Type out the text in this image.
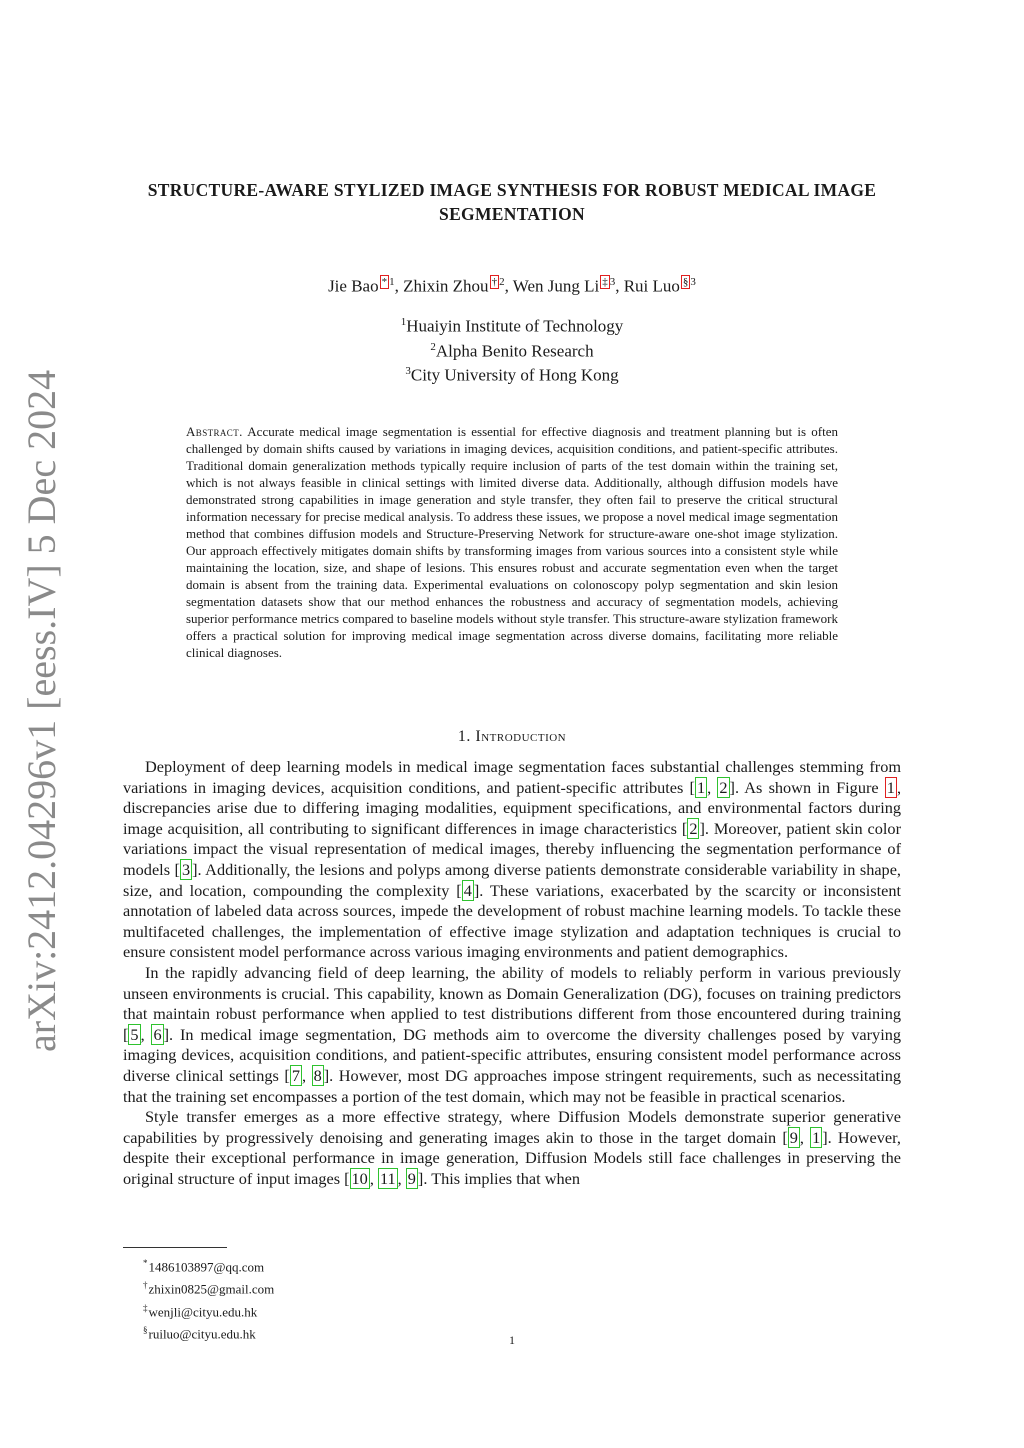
arXiv:2412.04296v1 [eess.IV] 5 Dec 2024
STRUCTURE-AWARE STYLIZED IMAGE SYNTHESIS FOR ROBUST MEDICAL IMAGE SEGMENTATION
Jie Bao * $^1$, Zhixin Zhou † $^2$, Wen Jung Li ‡ $^3$, Rui Luo § $^3$
$^1$Huaiyin Institute of Technology
$^2$Alpha Benito Research
$^3$City University of Hong Kong
Abstract. Accurate medical image segmentation is essential for effective diagnosis and treatment planning but is often challenged by domain shifts caused by variations in imaging devices, acquisition conditions, and patient-specific attributes. Traditional domain generalization methods typically require inclusion of parts of the test domain within the training set, which is not always feasible in clinical settings with limited diverse data. Additionally, although diffusion models have demonstrated strong capabilities in image generation and style transfer, they often fail to preserve the critical structural information necessary for precise medical analysis. To address these issues, we propose a novel medical image segmentation method that combines diffusion models and Structure-Preserving Network for structure-aware one-shot image stylization. Our approach effectively mitigates domain shifts by transforming images from various sources into a consistent style while maintaining the location, size, and shape of lesions. This ensures robust and accurate segmentation even when the target domain is absent from the training data. Experimental evaluations on colonoscopy polyp segmentation and skin lesion segmentation datasets show that our method enhances the robustness and accuracy of segmentation models, achieving superior performance metrics compared to baseline models without style transfer. This structure-aware stylization framework offers a practical solution for improving medical image segmentation across diverse domains, facilitating more reliable clinical diagnoses.
1. Introduction

Deployment of deep learning models in medical image segmentation faces substantial challenges stemming from variations in imaging devices, acquisition conditions, and patient-specific attributes [ 1 , 2 ]. As shown in Figure 1 , discrepancies arise due to differing imaging modalities, equipment specifications, and environmental factors during image acquisition, all contributing to significant differences in image characteristics [ 2 ]. Moreover, patient skin color variations impact the visual representation of medical images, thereby influencing the segmentation performance of models [ 3 ]. Additionally, the lesions and polyps among diverse patients demonstrate considerable variability in shape, size, and location, compounding the complexity [ 4 ]. These variations, exacerbated by the scarcity or inconsistent annotation of labeled data across sources, impede the development of robust machine learning models. To tackle these multifaceted challenges, the implementation of effective image stylization and adaptation techniques is crucial to ensure consistent model performance across various imaging environments and patient demographics.

In the rapidly advancing field of deep learning, the ability of models to reliably perform in various previously unseen environments is crucial. This capability, known as Domain Generalization (DG), focuses on training predictors that maintain robust performance when applied to test distributions different from those encountered during training [ 5 , 6 ]. In medical image segmentation, DG methods aim to overcome the diversity challenges posed by varying imaging devices, acquisition conditions, and patient-specific attributes, ensuring consistent model performance across diverse clinical settings [ 7 , 8 ]. However, most DG approaches impose stringent requirements, such as necessitating that the training set encompasses a portion of the test domain, which may not be feasible in practical scenarios.

Style transfer emerges as a more effective strategy, where Diffusion Models demonstrate superior generative capabilities by progressively denoising and generating images akin to those in the target domain [ 9 , 1 ]. However, despite their exceptional performance in image generation, Diffusion Models still face challenges in preserving the original structure of input images [ 10 , 11 , 9 ]. This implies that when

*1486103897@qq.com
†zhixin0825@gmail.com
‡wenjli@cityu.edu.hk
§ruiluo@cityu.edu.hk	1
